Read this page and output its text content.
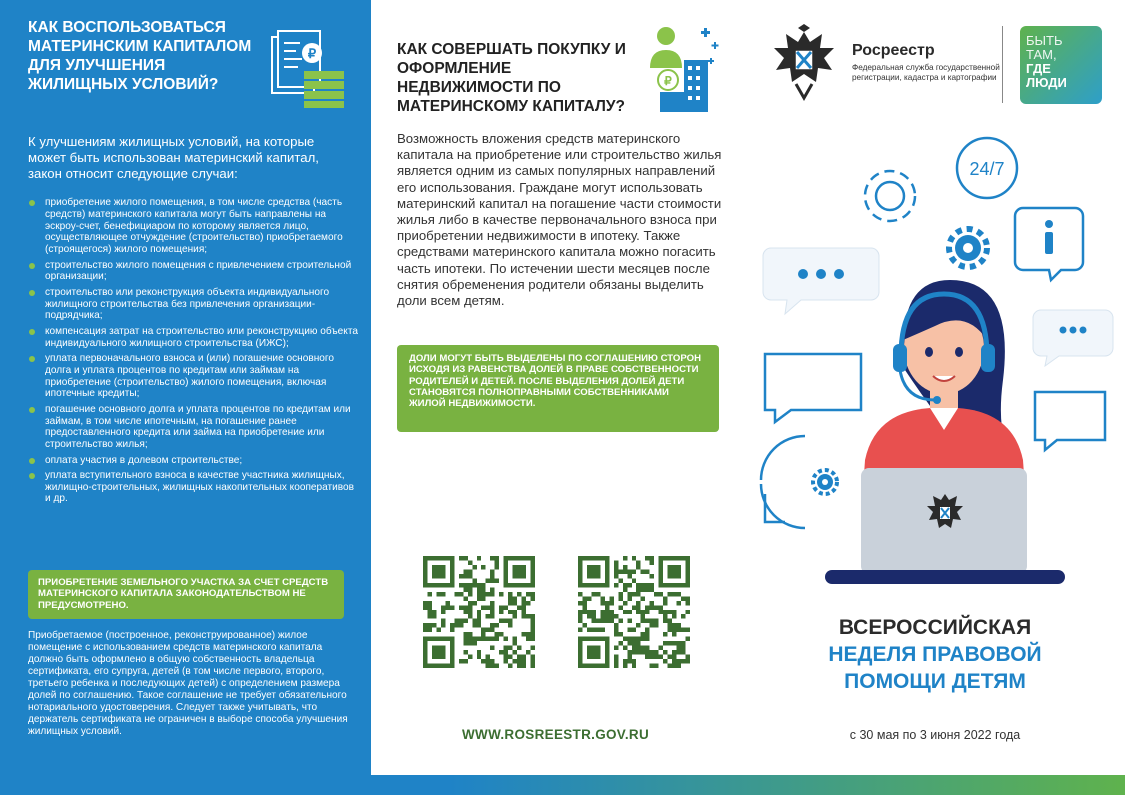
КАК ВОСПОЛЬЗОВАТЬСЯ МАТЕРИНСКИМ КАПИТАЛОМ ДЛЯ УЛУЧШЕНИЯ ЖИЛИЩНЫХ УСЛОВИЙ?
₽
К улучшениям жилищных условий, на которые может быть использован материнский капитал, закон относит следующие случаи:
приобретение жилого помещения, в том числе средства (часть средств) материнского капитала могут быть направлены на эскроу-счет, бенефициаром по которому является лицо, осуществляющее отчуждение (строительство) приобретаемого (строящегося) жилого помещения;
строительство жилого помещения с привлечением строительной организации;
строительство или реконструкция объекта индивидуального жилищного строительства без привлечения организации-подрядчика;
компенсация затрат на строительство или реконструкцию объекта индивидуального жилищного строительства (ИЖС);
уплата первоначального взноса и (или) погашение основного долга и уплата процентов по кредитам или займам на приобретение (строительство) жилого помещения, включая ипотечные кредиты;
погашение основного долга и уплата процентов по кредитам или займам, в том числе ипотечным, на погашение ранее предоставленного кредита или займа на приобретение или строительство жилья;
оплата участия в долевом строительстве;
уплата вступительного взноса в качестве участника жилищных, жилищно-строительных, жилищных накопительных кооперативов и др.
ПРИОБРЕТЕНИЕ ЗЕМЕЛЬНОГО УЧАСТКА ЗА СЧЕТ СРЕДСТВ МАТЕРИНСКОГО КАПИТАЛА ЗАКОНОДАТЕЛЬСТВОМ НЕ ПРЕДУСМОТРЕНО.
Приобретаемое (построенное, реконструированное) жилое помещение с использованием средств материнского капитала должно быть оформлено в общую собственность владельца сертификата, его супруга, детей (в том числе первого, второго, третьего ребенка и последующих детей) с определением размера долей по соглашению. Такое соглашение не требует обязательного нотариального удостоверения. Следует также учитывать, что держатель сертификата не ограничен в выборе способа улучшения жилищных условий.
КАК СОВЕРШАТЬ ПОКУПКУ И ОФОРМЛЕНИЕ НЕДВИЖИМОСТИ ПО МАТЕРИНСКОМУ КАПИТАЛУ?
₽
Возможность вложения средств материнского капитала на приобретение или строительство жилья является одним из самых популярных направлений его использования. Граждане могут использовать материнский капитал на погашение части стоимости жилья либо в качестве первоначального взноса при приобретении недвижимости в ипотеку. Также средствами материнского капитала можно погасить часть ипотеки. По истечении шести месяцев после снятия обременения родители обязаны выделить доли всем детям.
ДОЛИ МОГУТ БЫТЬ ВЫДЕЛЕНЫ ПО СОГЛАШЕНИЮ СТОРОН ИСХОДЯ ИЗ РАВЕНСТВА ДОЛЕЙ В ПРАВЕ СОБСТВЕННОСТИ РОДИТЕЛЕЙ И ДЕТЕЙ. ПОСЛЕ ВЫДЕЛЕНИЯ ДОЛЕЙ ДЕТИ СТАНОВЯТСЯ ПОЛНОПРАВНЫМИ СОБСТВЕННИКАМИ ЖИЛОЙ НЕДВИЖИМОСТИ.
WWW.ROSREESTR.GOV.RU
Росреестр
Федеральная служба государственной регистрации, кадастра и картографии
БЫТЬ
ТАМ,
ГДЕ
ЛЮДИ
24/7
ВСЕРОССИЙСКАЯ
НЕДЕЛЯ ПРАВОВОЙ ПОМОЩИ ДЕТЯМ
с 30 мая по 3 июня 2022 года
